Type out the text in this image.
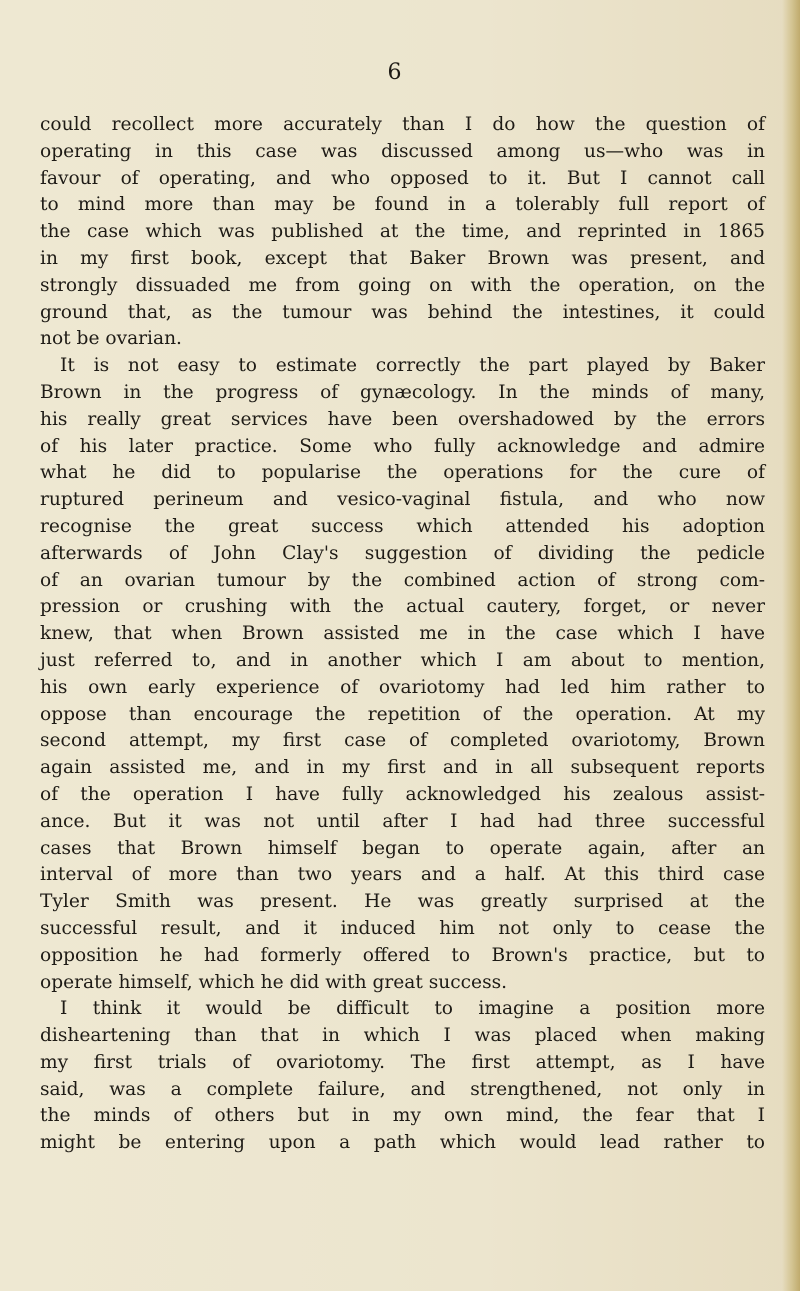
6
could recollect more accurately than I do how the question of
operating in this case was discussed among us—who was in
favour of operating, and who opposed to it. But I cannot call
to mind more than may be found in a tolerably full report of
the case which was published at the time, and reprinted in 1865
in my first book, except that Baker Brown was present, and
strongly dissuaded me from going on with the operation, on the
ground that, as the tumour was behind the intestines, it could
not be ovarian.
It is not easy to estimate correctly the part played by Baker
Brown in the progress of gynæcology. In the minds of many,
his really great services have been overshadowed by the errors
of his later practice. Some who fully acknowledge and admire
what he did to popularise the operations for the cure of
ruptured perineum and vesico-vaginal fistula, and who now
recognise the great success which attended his adoption
afterwards of John Clay's suggestion of dividing the pedicle
of an ovarian tumour by the combined action of strong com-
pression or crushing with the actual cautery, forget, or never
knew, that when Brown assisted me in the case which I have
just referred to, and in another which I am about to mention,
his own early experience of ovariotomy had led him rather to
oppose than encourage the repetition of the operation. At my
second attempt, my first case of completed ovariotomy, Brown
again assisted me, and in my first and in all subsequent reports
of the operation I have fully acknowledged his zealous assist-
ance. But it was not until after I had had three successful
cases that Brown himself began to operate again, after an
interval of more than two years and a half. At this third case
Tyler Smith was present. He was greatly surprised at the
successful result, and it induced him not only to cease the
opposition he had formerly offered to Brown's practice, but to
operate himself, which he did with great success.
I think it would be difficult to imagine a position more
disheartening than that in which I was placed when making
my first trials of ovariotomy. The first attempt, as I have
said, was a complete failure, and strengthened, not only in
the minds of others but in my own mind, the fear that I
might be entering upon a path which would lead rather to
